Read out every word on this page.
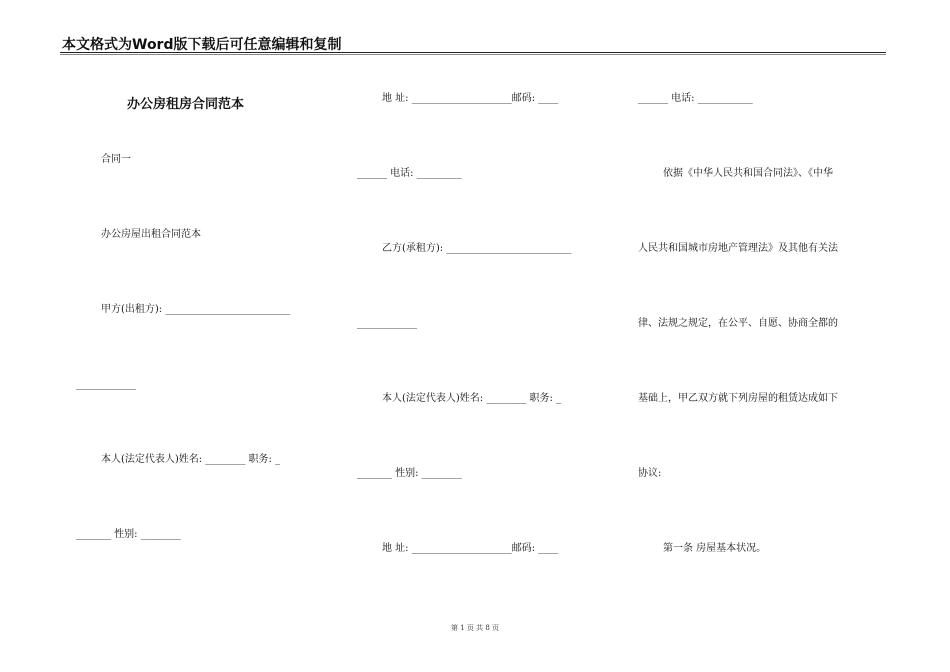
本文格式为Word版下载后可任意编辑和复制
办公房租房合同范本
合同一
办公房屋出租合同范本
甲方(出租方): _________________________
____________
本人(法定代表人)姓名: ________ 职务: _
_______ 性别: ________
地 址: ____________________邮码: ____
______ 电话: _________
乙方(承租方): _________________________
____________
本人(法定代表人)姓名: ________ 职务: _
_______ 性别: ________
地 址: ____________________邮码: ____
______ 电话: ___________
依据《中华人民共和国合同法》、《中华
人民共和国城市房地产管理法》及其他有关法
律、法规之规定，在公平、自愿、协商全都的
基础上，甲乙双方就下列房屋的租赁达成如下
协议:
第一条 房屋基本状况。
第 1 页 共 8 页
